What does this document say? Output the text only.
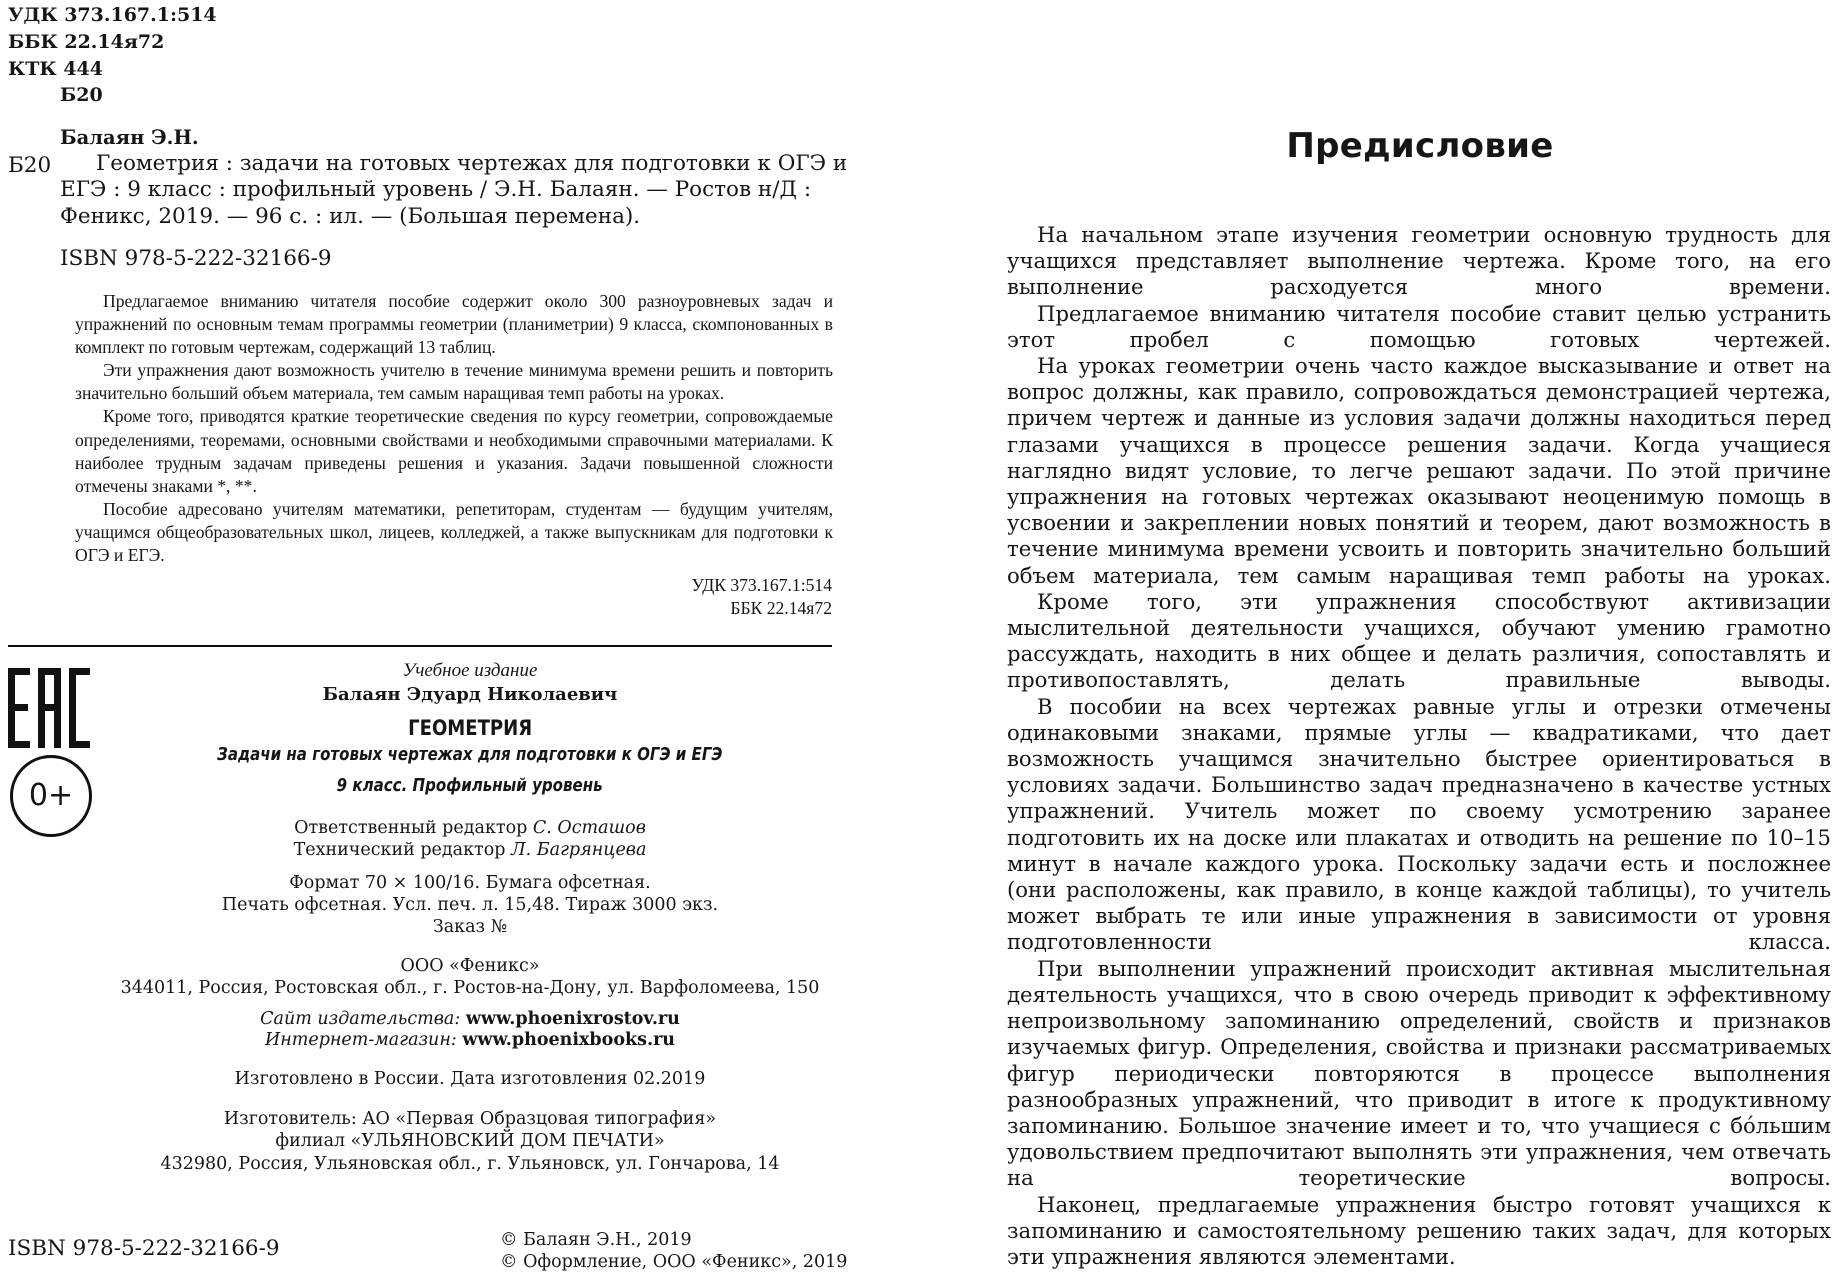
УДК 373.167.1:514
ББК 22.14я72
КТК 444
Б20
Балаян Э.Н.
Б20 Геометрия : задачи на готовых чертежах для подготовки к ОГЭ и
ЕГЭ : 9 класс : профильный уровень / Э.Н. Балаян. — Ростов н/Д :
Феникс, 2019. — 96 с. : ил. — (Большая перемена).
ISBN 978-5-222-32166-9

Предлагаемое вниманию читателя пособие содержит около 300 разноуровневых задач и упражнений по основным темам программы геометрии (планиметрии) 9 класса, скомпонованных в комплект по готовым чертежам, содержащий 13 таблиц.

Эти упражнения дают возможность учителю в течение минимума времени решить и повторить значительно больший объем материала, тем самым наращивая темп работы на уроках.

Кроме того, приводятся краткие теоретические сведения по курсу геометрии, сопровождаемые определениями, теоремами, основными свойствами и необходимыми справочными материалами. К наиболее трудным задачам приведены решения и указания. Задачи повышенной сложности отмечены знаками *, **.

Пособие адресовано учителям математики, репетиторам, студентам — будущим учителям, учащимся общеобразовательных школ, лицеев, колледжей, а также выпускникам для подготовки к ОГЭ и ЕГЭ.

УДК 373.167.1:514
ББК 22.14я72
0+
Учебное издание
Балаян Эдуард Николаевич
ГЕОМЕТРИЯ
Задачи на готовых чертежах для подготовки к ОГЭ и ЕГЭ
9 класс. Профильный уровень
Ответственный редактор С. Осташов
Технический редактор Л. Багрянцева
Формат 70 × 100/16. Бумага офсетная.
Печать офсетная. Усл. печ. л. 15,48. Тираж 3000 экз.
Заказ №
ООО «Феникс»
344011, Россия, Ростовская обл., г. Ростов-на-Дону, ул. Варфоломеева, 150
Сайт издательства: www.phoenixrostov.ru
Интернет-магазин: www.phoenixbooks.ru
Изготовлено в России. Дата изготовления 02.2019
Изготовитель: АО «Первая Образцовая типография»
филиал «УЛЬЯНОВСКИЙ ДОМ ПЕЧАТИ»
432980, Россия, Ульяновская обл., г. Ульяновск, ул. Гончарова, 14
ISBN 978-5-222-32166-9	© Балаян Э.Н., 2019
© Оформление, ООО «Феникс», 2019
Предисловие

На начальном этапе изучения геометрии основную трудность для учащихся представляет выполнение чертежа. Кроме того, на его выполнение расходуется много времени.

Предлагаемое вниманию читателя пособие ставит целью устранить этот пробел с помощью готовых чертежей.

На уроках геометрии очень часто каждое высказывание и ответ на вопрос должны, как правило, сопровождаться демонстрацией чертежа, причем чертеж и данные из условия задачи должны находиться перед глазами учащихся в процессе решения задачи. Когда учащиеся наглядно видят условие, то легче решают задачи. По этой причине упражнения на готовых чертежах оказывают неоценимую помощь в усвоении и закреплении новых понятий и теорем, дают возможность в течение минимума времени усвоить и повторить значительно больший объем материала, тем самым наращивая темп работы на уроках.

Кроме того, эти упражнения способствуют активизации мыслительной деятельности учащихся, обучают умению грамотно рассуждать, находить в них общее и делать различия, сопоставлять и противопоставлять, делать правильные выводы.

В пособии на всех чертежах равные углы и отрезки отмечены одинаковыми знаками, прямые углы — квадратиками, что дает возможность учащимся значительно быстрее ориентироваться в условиях задачи. Большинство задач предназначено в качестве устных упражнений. Учитель может по своему усмотрению заранее подготовить их на доске или плакатах и отводить на решение по 10–15 минут в начале каждого урока. Поскольку задачи есть и посложнее (они расположены, как правило, в конце каждой таблицы), то учитель может выбрать те или иные упражнения в зависимости от уровня подготовленности класса.

При выполнении упражнений происходит активная мыслительная деятельность учащихся, что в свою очередь приводит к эффективному непроизвольному запоминанию определений, свойств и признаков изучаемых фигур. Определения, свойства и признаки рассматриваемых фигур периодически повторяются в процессе выполнения разнообразных упражнений, что приводит в итоге к продуктивному запоминанию. Большое значение имеет и то, что учащиеся с бо́льшим удовольствием предпочитают выполнять эти упражнения, чем отвечать на теоретические вопросы.

Наконец, предлагаемые упражнения быстро готовят учащихся к запоминанию и самостоятельному решению таких задач, для которых эти упражнения являются элементами.
